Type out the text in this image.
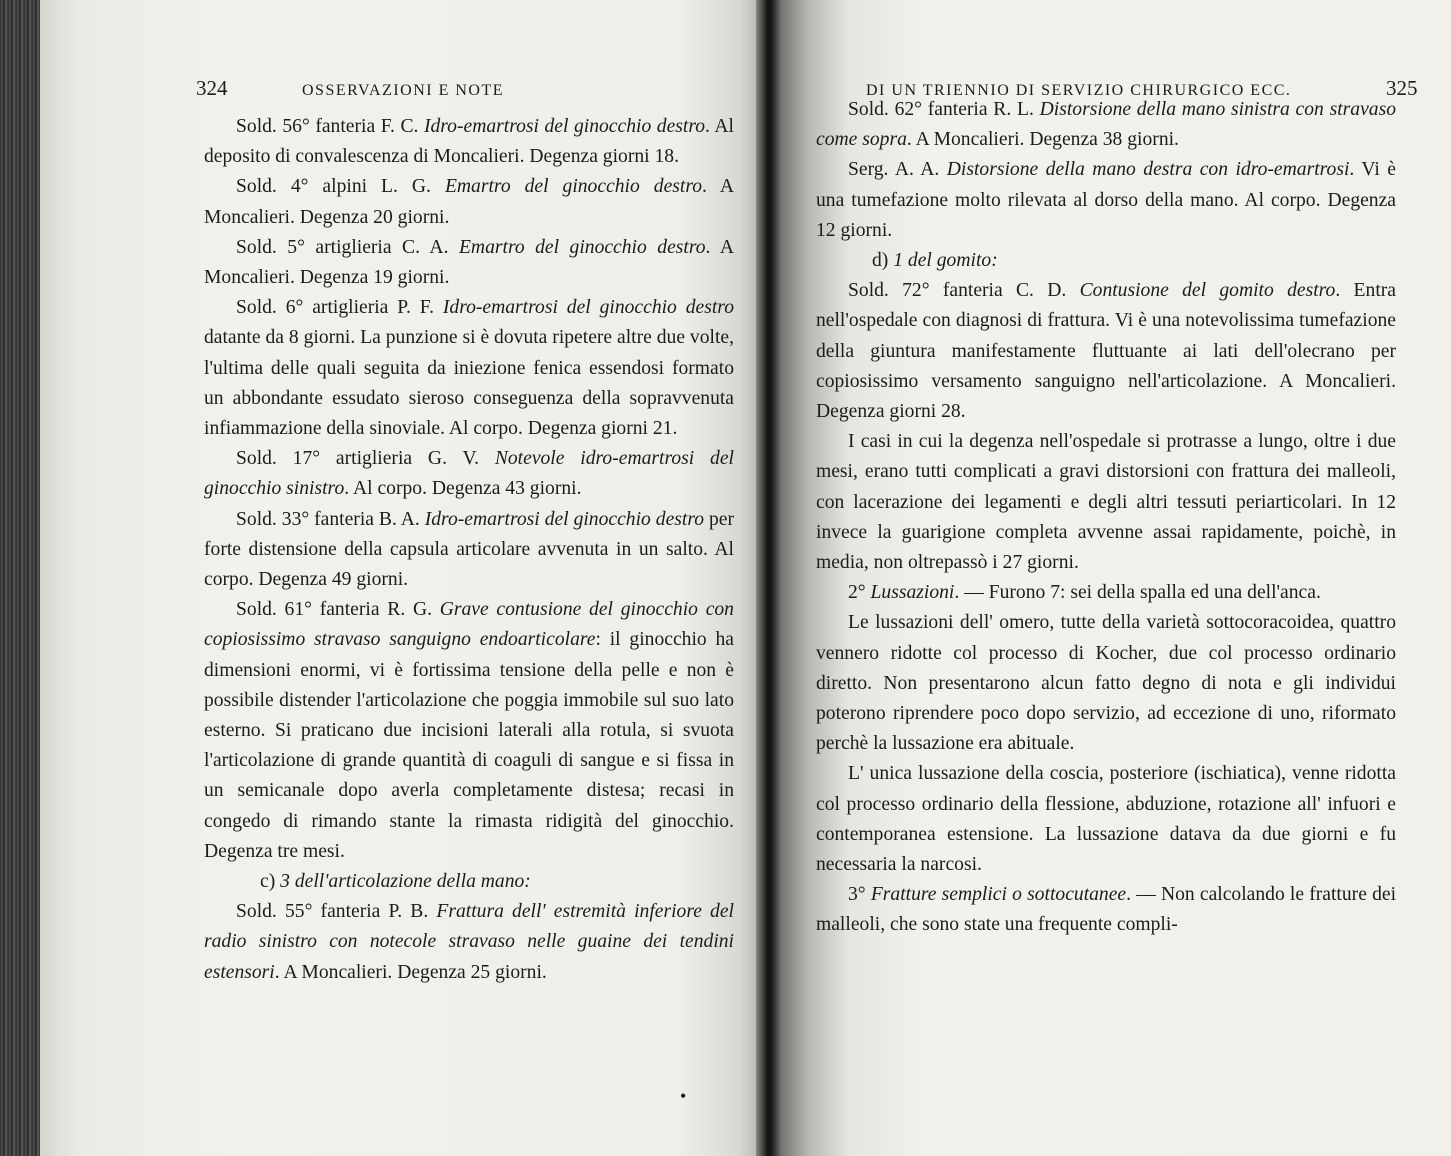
324	OSSERVAZIONI E NOTE

Sold. 56° fanteria F. C. Idro-emartrosi del ginocchio destro. Al deposito di convalescenza di Moncalieri. Degenza giorni 18.

Sold. 4° alpini L. G. Emartro del ginocchio destro. A Moncalieri. Degenza 20 giorni.

Sold. 5° artiglieria C. A. Emartro del ginocchio destro. A Moncalieri. Degenza 19 giorni.

Sold. 6° artiglieria P. F. Idro-emartrosi del ginocchio destro datante da 8 giorni. La punzione si è dovuta ripetere altre due volte, l'ultima delle quali seguita da iniezione fenica essendosi formato un abbondante essudato sieroso conseguenza della sopravvenuta infiammazione della sinoviale. Al corpo. Degenza giorni 21.

Sold. 17° artiglieria G. V. Notevole idro-emartrosi del ginocchio sinistro. Al corpo. Degenza 43 giorni.

Sold. 33° fanteria B. A. Idro-emartrosi del ginocchio destro per forte distensione della capsula articolare avvenuta in un salto. Al corpo. Degenza 49 giorni.

Sold. 61° fanteria R. G. Grave contusione del ginocchio con copiosissimo stravaso sanguigno endoarticolare: il ginocchio ha dimensioni enormi, vi è fortissima tensione della pelle e non è possibile distender l'articolazione che poggia immobile sul suo lato esterno. Si praticano due incisioni laterali alla rotula, si svuota l'articolazione di grande quantità di coaguli di sangue e si fissa in un semicanale dopo averla completamente distesa; recasi in congedo di rimando stante la rimasta ridigità del ginocchio. Degenza tre mesi.

c) 3 dell'articolazione della mano:

Sold. 55° fanteria P. B. Frattura dell' estremità inferiore del radio sinistro con notecole stravaso nelle guaine dei tendini estensori. A Moncalieri. Degenza 25 giorni.

DI UN TRIENNIO DI SERVIZIO CHIRURGICO ECC.	325

Sold. 62° fanteria R. L. Distorsione della mano sinistra con stravaso come sopra. A Moncalieri. Degenza 38 giorni.

Serg. A. A. Distorsione della mano destra con idro-emartrosi. Vi è una tumefazione molto rilevata al dorso della mano. Al corpo. Degenza 12 giorni.

d) 1 del gomito:

Sold. 72° fanteria C. D. Contusione del gomito destro. Entra nell'ospedale con diagnosi di frattura. Vi è una notevolissima tumefazione della giuntura manifestamente fluttuante ai lati dell'olecrano per copiosissimo versamento sanguigno nell'articolazione. A Moncalieri. Degenza giorni 28.

I casi in cui la degenza nell'ospedale si protrasse a lungo, oltre i due mesi, erano tutti complicati a gravi distorsioni con frattura dei malleoli, con lacerazione dei legamenti e degli altri tessuti periarticolari. In 12 invece la guarigione completa avvenne assai rapidamente, poichè, in media, non oltrepassò i 27 giorni.

2° Lussazioni. — Furono 7: sei della spalla ed una dell'anca.

Le lussazioni dell' omero, tutte della varietà sottocoracoidea, quattro vennero ridotte col processo di Kocher, due col processo ordinario diretto. Non presentarono alcun fatto degno di nota e gli individui poterono riprendere poco dopo servizio, ad eccezione di uno, riformato perchè la lussazione era abituale.

L' unica lussazione della coscia, posteriore (ischiatica), venne ridotta col processo ordinario della flessione, abduzione, rotazione all' infuori e contemporanea estensione. La lussazione datava da due giorni e fu necessaria la narcosi.

3° Fratture semplici o sottocutanee. — Non calcolando le fratture dei malleoli, che sono state una frequente compli-

•
